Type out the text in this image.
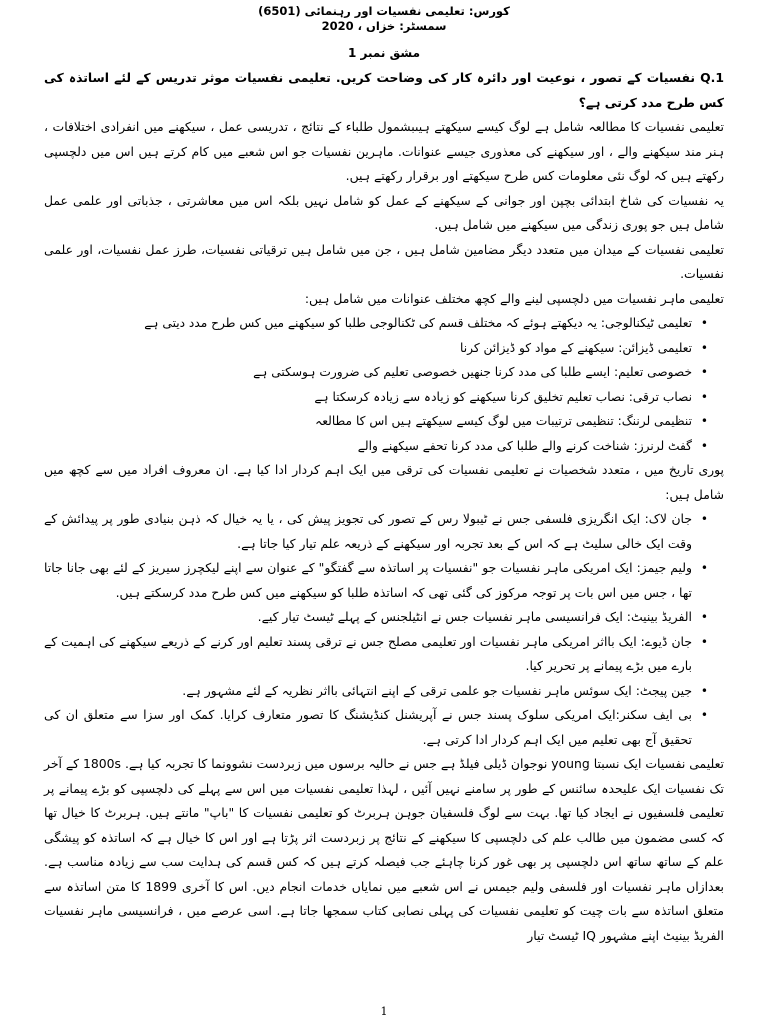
کورس: تعلیمی نفسیات اور رہنمائی (6501)
سمسٹر: خزاں ، 2020
مشق نمبر 1

Q.1 نفسیات کے تصور ، نوعیت اور دائرہ کار کی وضاحت کریں. تعلیمی نفسیات موثر تدریس کے لئے اساتذہ کی کس طرح مدد کرتی ہے؟

تعلیمی نفسیات کا مطالعہ شامل ہے لوگ کیسے سیکھتے ہیںبشمول طلباء کے نتائج ، تدریسی عمل ، سیکھنے میں انفرادی اختلافات ، ہنر مند سیکھنے والے ، اور سیکھنے کی معذوری جیسے عنوانات. ماہرین نفسیات جو اس شعبے میں کام کرتے ہیں اس میں دلچسپی رکھتے ہیں کہ لوگ نئی معلومات کس طرح سیکھتے اور برقرار رکھتے ہیں.

یہ نفسیات کی شاخ ابتدائی بچپن اور جوانی کے سیکھنے کے عمل کو شامل نہیں بلکہ اس میں معاشرتی ، جذباتی اور علمی عمل شامل ہیں جو پوری زندگی میں سیکھنے میں شامل ہیں.

تعلیمی نفسیات کے میدان میں متعدد دیگر مضامین شامل ہیں ، جن میں شامل ہیں ترقیاتی نفسیات، طرز عمل نفسیات، اور علمی نفسیات.

تعلیمی ماہر نفسیات میں دلچسپی لینے والے کچھ مختلف عنوانات میں شامل ہیں:

• تعلیمی ٹیکنالوجی: یہ دیکھتے ہوئے کہ مختلف قسم کی ٹکنالوجی طلبا کو سیکھنے میں کس طرح مدد دیتی ہے
• تعلیمی ڈیزائن: سیکھنے کے مواد کو ڈیزائن کرنا
• خصوصی تعلیم: ایسے طلبا کی مدد کرنا جنھیں خصوصی تعلیم کی ضرورت ہوسکتی ہے
• نصاب ترقی: نصاب تعلیم تخلیق کرنا سیکھنے کو زیادہ سے زیادہ کرسکتا ہے
• تنظیمی لرننگ: تنظیمی ترتیبات میں لوگ کیسے سیکھتے ہیں اس کا مطالعہ
• گفٹ لرنرز: شناخت کرنے والے طلبا کی مدد کرنا تحفے سیکھنے والے

پوری تاریخ میں ، متعدد شخصیات نے تعلیمی نفسیات کی ترقی میں ایک اہم کردار ادا کیا ہے. ان معروف افراد میں سے کچھ میں شامل ہیں:

• جان لاک: ایک انگریزی فلسفی جس نے ٹیبولا رس کے تصور کی تجویز پیش کی ، یا یہ خیال کہ ذہن بنیادی طور پر پیدائش کے وقت ایک خالی سلیٹ ہے کہ اس کے بعد تجربہ اور سیکھنے کے ذریعہ علم تیار کیا جاتا ہے.
• ولیم جیمز: ایک امریکی ماہر نفسیات جو "نفسیات پر اساتذہ سے گفتگو" کے عنوان سے اپنے لیکچرز سیریز کے لئے بھی جانا جاتا تھا ، جس میں اس بات پر توجہ مرکوز کی گئی تھی کہ اساتذہ طلبا کو سیکھنے میں کس طرح مدد کرسکتے ہیں.
• الفریڈ بینیٹ: ایک فرانسیسی ماہر نفسیات جس نے انٹیلجنس کے پہلے ٹیسٹ تیار کیے.
• جان ڈیوے: ایک بااثر امریکی ماہر نفسیات اور تعلیمی مصلح جس نے ترقی پسند تعلیم اور کرنے کے ذریعے سیکھنے کی اہمیت کے بارے میں بڑے پیمانے پر تحریر کیا.
• جین پیجٹ: ایک سوئس ماہر نفسیات جو علمی ترقی کے اپنے انتہائی بااثر نظریہ کے لئے مشہور ہے.
• بی ایف سکنر:ایک امریکی سلوک پسند جس نے آپریشنل کنڈیشنگ کا تصور متعارف کرایا. کمک اور سزا سے متعلق ان کی تحقیق آج بھی تعلیم میں ایک اہم کردار ادا کرتی ہے.

تعلیمی نفسیات ایک نسبتا young نوجوان ڈیلی فیلڈ ہے جس نے حالیہ برسوں میں زبردست نشوونما کا تجربہ کیا ہے. 1800s کے آخر تک نفسیات ایک علیحدہ سائنس کے طور پر سامنے نہیں آئیں ، لہذا تعلیمی نفسیات میں اس سے پہلے کی دلچسپی کو بڑے پیمانے پر تعلیمی فلسفیوں نے ایجاد کیا تھا. بہت سے لوگ فلسفیان جوہن ہربرٹ کو تعلیمی نفسیات کا "باپ" مانتے ہیں. ہربرٹ کا خیال تھا کہ کسی مضمون میں طالب علم کی دلچسپی کا سیکھنے کے نتائج پر زبردست اثر پڑتا ہے اور اس کا خیال ہے کہ اساتذہ کو پیشگی علم کے ساتھ ساتھ اس دلچسپی پر بھی غور کرنا چاہئے جب فیصلہ کرتے ہیں کہ کس قسم کی ہدایت سب سے زیادہ مناسب ہے. بعدازاں ماہر نفسیات اور فلسفی ولیم جیمس نے اس شعبے میں نمایاں خدمات انجام دیں. اس کا آخری 1899 کا متن اساتذہ سے متعلق اساتذہ سے بات چیت کو تعلیمی نفسیات کی پہلی نصابی کتاب سمجھا جاتا ہے. اسی عرصے میں ، فرانسیسی ماہر نفسیات الفریڈ بینیٹ اپنے مشہور IQ ٹیسٹ تیار

1
